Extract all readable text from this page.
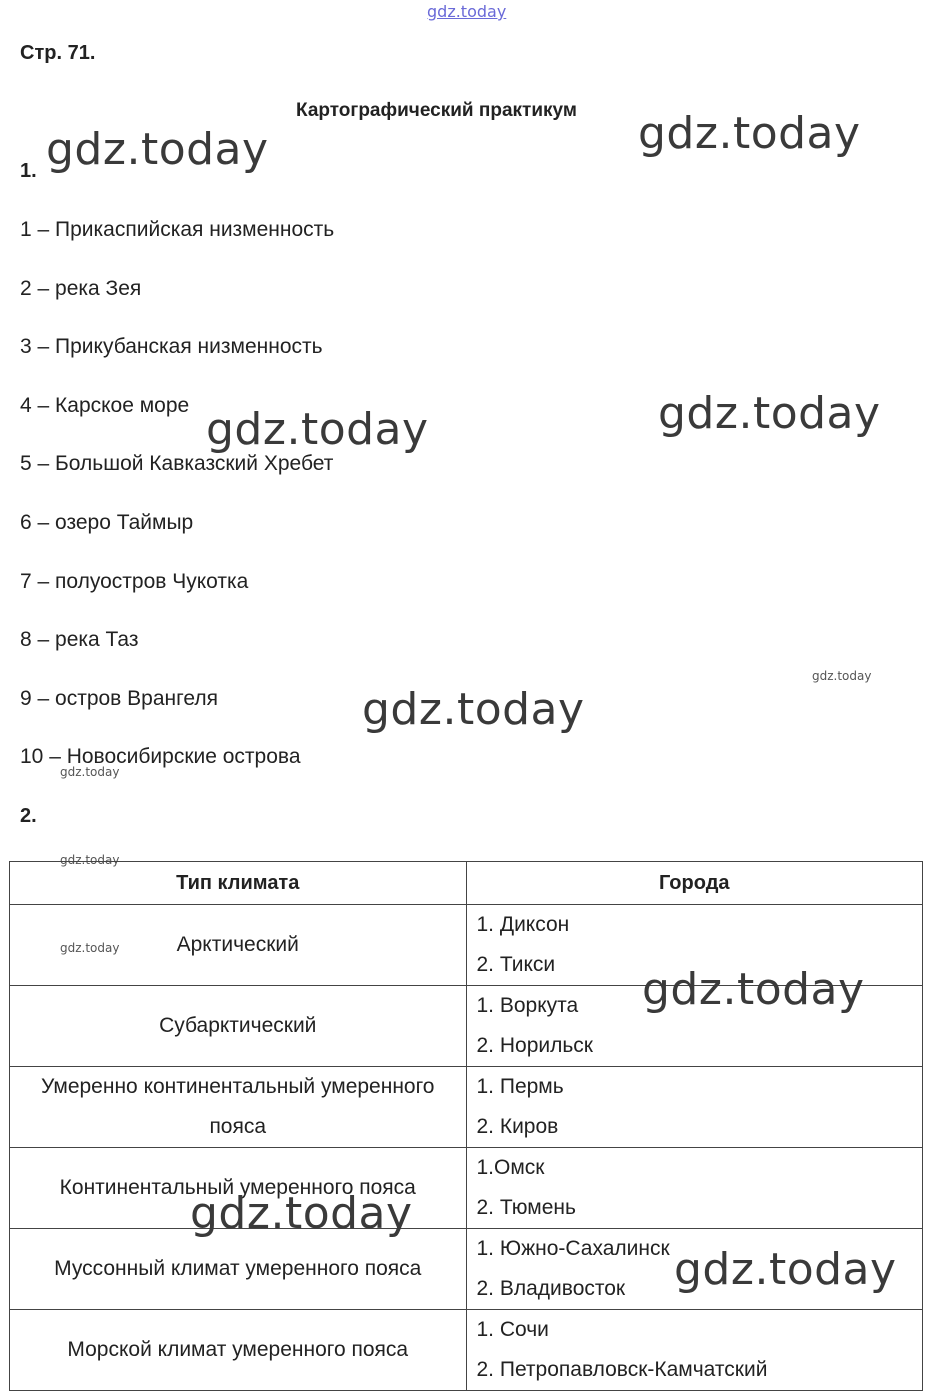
gdz.today
gdz.today	gdz.today
gdz.today	gdz.today
gdz.today
gdz.today
gdz.today
gdz.today
gdz.today
Стр. 71.
Картографический практикум
1.
1 – Прикаспийская низменность
2 – река Зея
3 – Прикубанская низменность
4 – Карское море
5 – Большой Кавказский Хребет
6 – озеро Таймыр
7 – полуостров Чукотка
8 – река Таз
9 – остров Врангеля
10 – Новосибирские острова
2.
Тип климата	Города
Арктический	1. Диксон
2. Тикси

Субарктический	1. Воркута
2. Норильск

Умеренно континентальный умеренного пояса	1. Пермь
2. Киров

Континентальный умеренного пояса	1.Омск
2. Тюмень

Муссонный климат умеренного пояса	1. Южно-Сахалинск
2. Владивосток

Морской климат умеренного пояса	1. Сочи
2. Петропавловск-Камчатский
gdz.today
gdz.today
gdz.today
